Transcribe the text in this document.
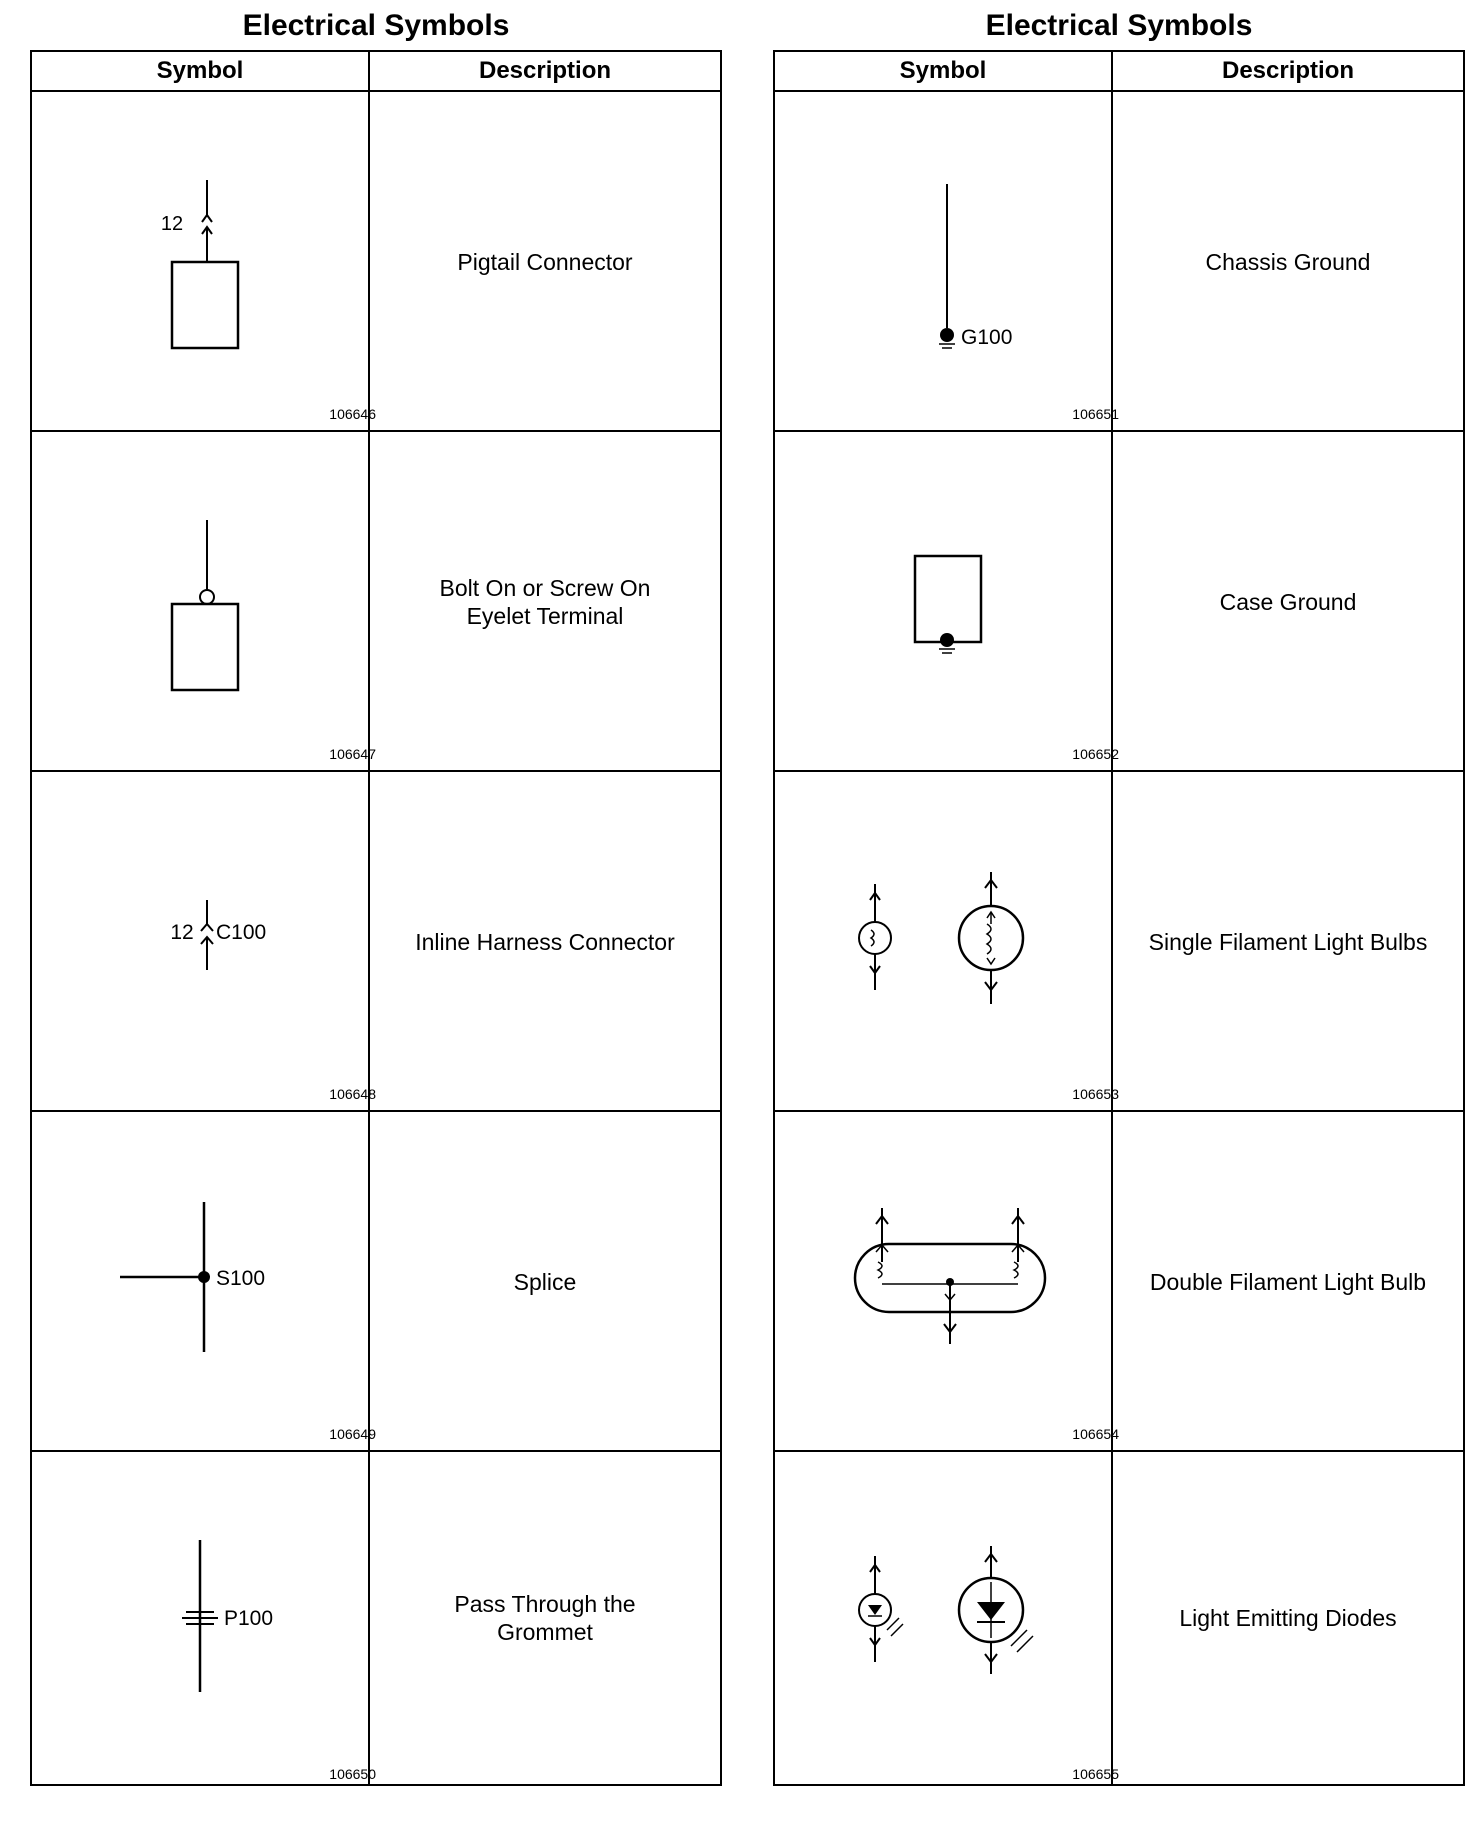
Electrical Symbols
Symbol	Description
12
106646
Pigtail Connector
106647
Bolt On or Screw On
Eyelet Terminal
12 C100
106648
Inline Harness Connector
S100
106649
Splice
P100
106650
Pass Through the
Grommet
Electrical Symbols
Symbol	Description
G100
106651
Chassis Ground
106652
Case Ground
106653
Single Filament Light Bulbs
106654
Double Filament Light Bulb
106655
Light Emitting Diodes
